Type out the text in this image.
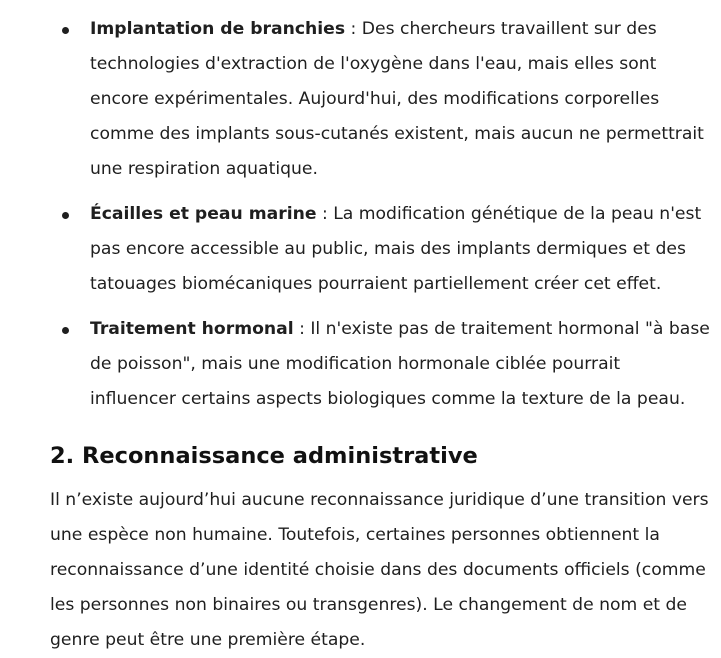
Implantation de branchies : Des chercheurs travaillent sur des technologies d'extraction de l'oxygène dans l'eau, mais elles sont encore expérimentales. Aujourd'hui, des modifications corporelles comme des implants sous-cutanés existent, mais aucun ne permettrait une respiration aquatique.
Écailles et peau marine : La modification génétique de la peau n'est pas encore accessible au public, mais des implants dermiques et des tatouages biomécaniques pourraient partiellement créer cet effet.
Traitement hormonal : Il n'existe pas de traitement hormonal "à base de poisson", mais une modification hormonale ciblée pourrait influencer certains aspects biologiques comme la texture de la peau.
2. Reconnaissance administrative

Il n’existe aujourd’hui aucune reconnaissance juridique d’une transition vers une espèce non humaine. Toutefois, certaines personnes obtiennent la reconnaissance d’une identité choisie dans des documents officiels (comme les personnes non binaires ou transgenres). Le changement de nom et de genre peut être une première étape.
